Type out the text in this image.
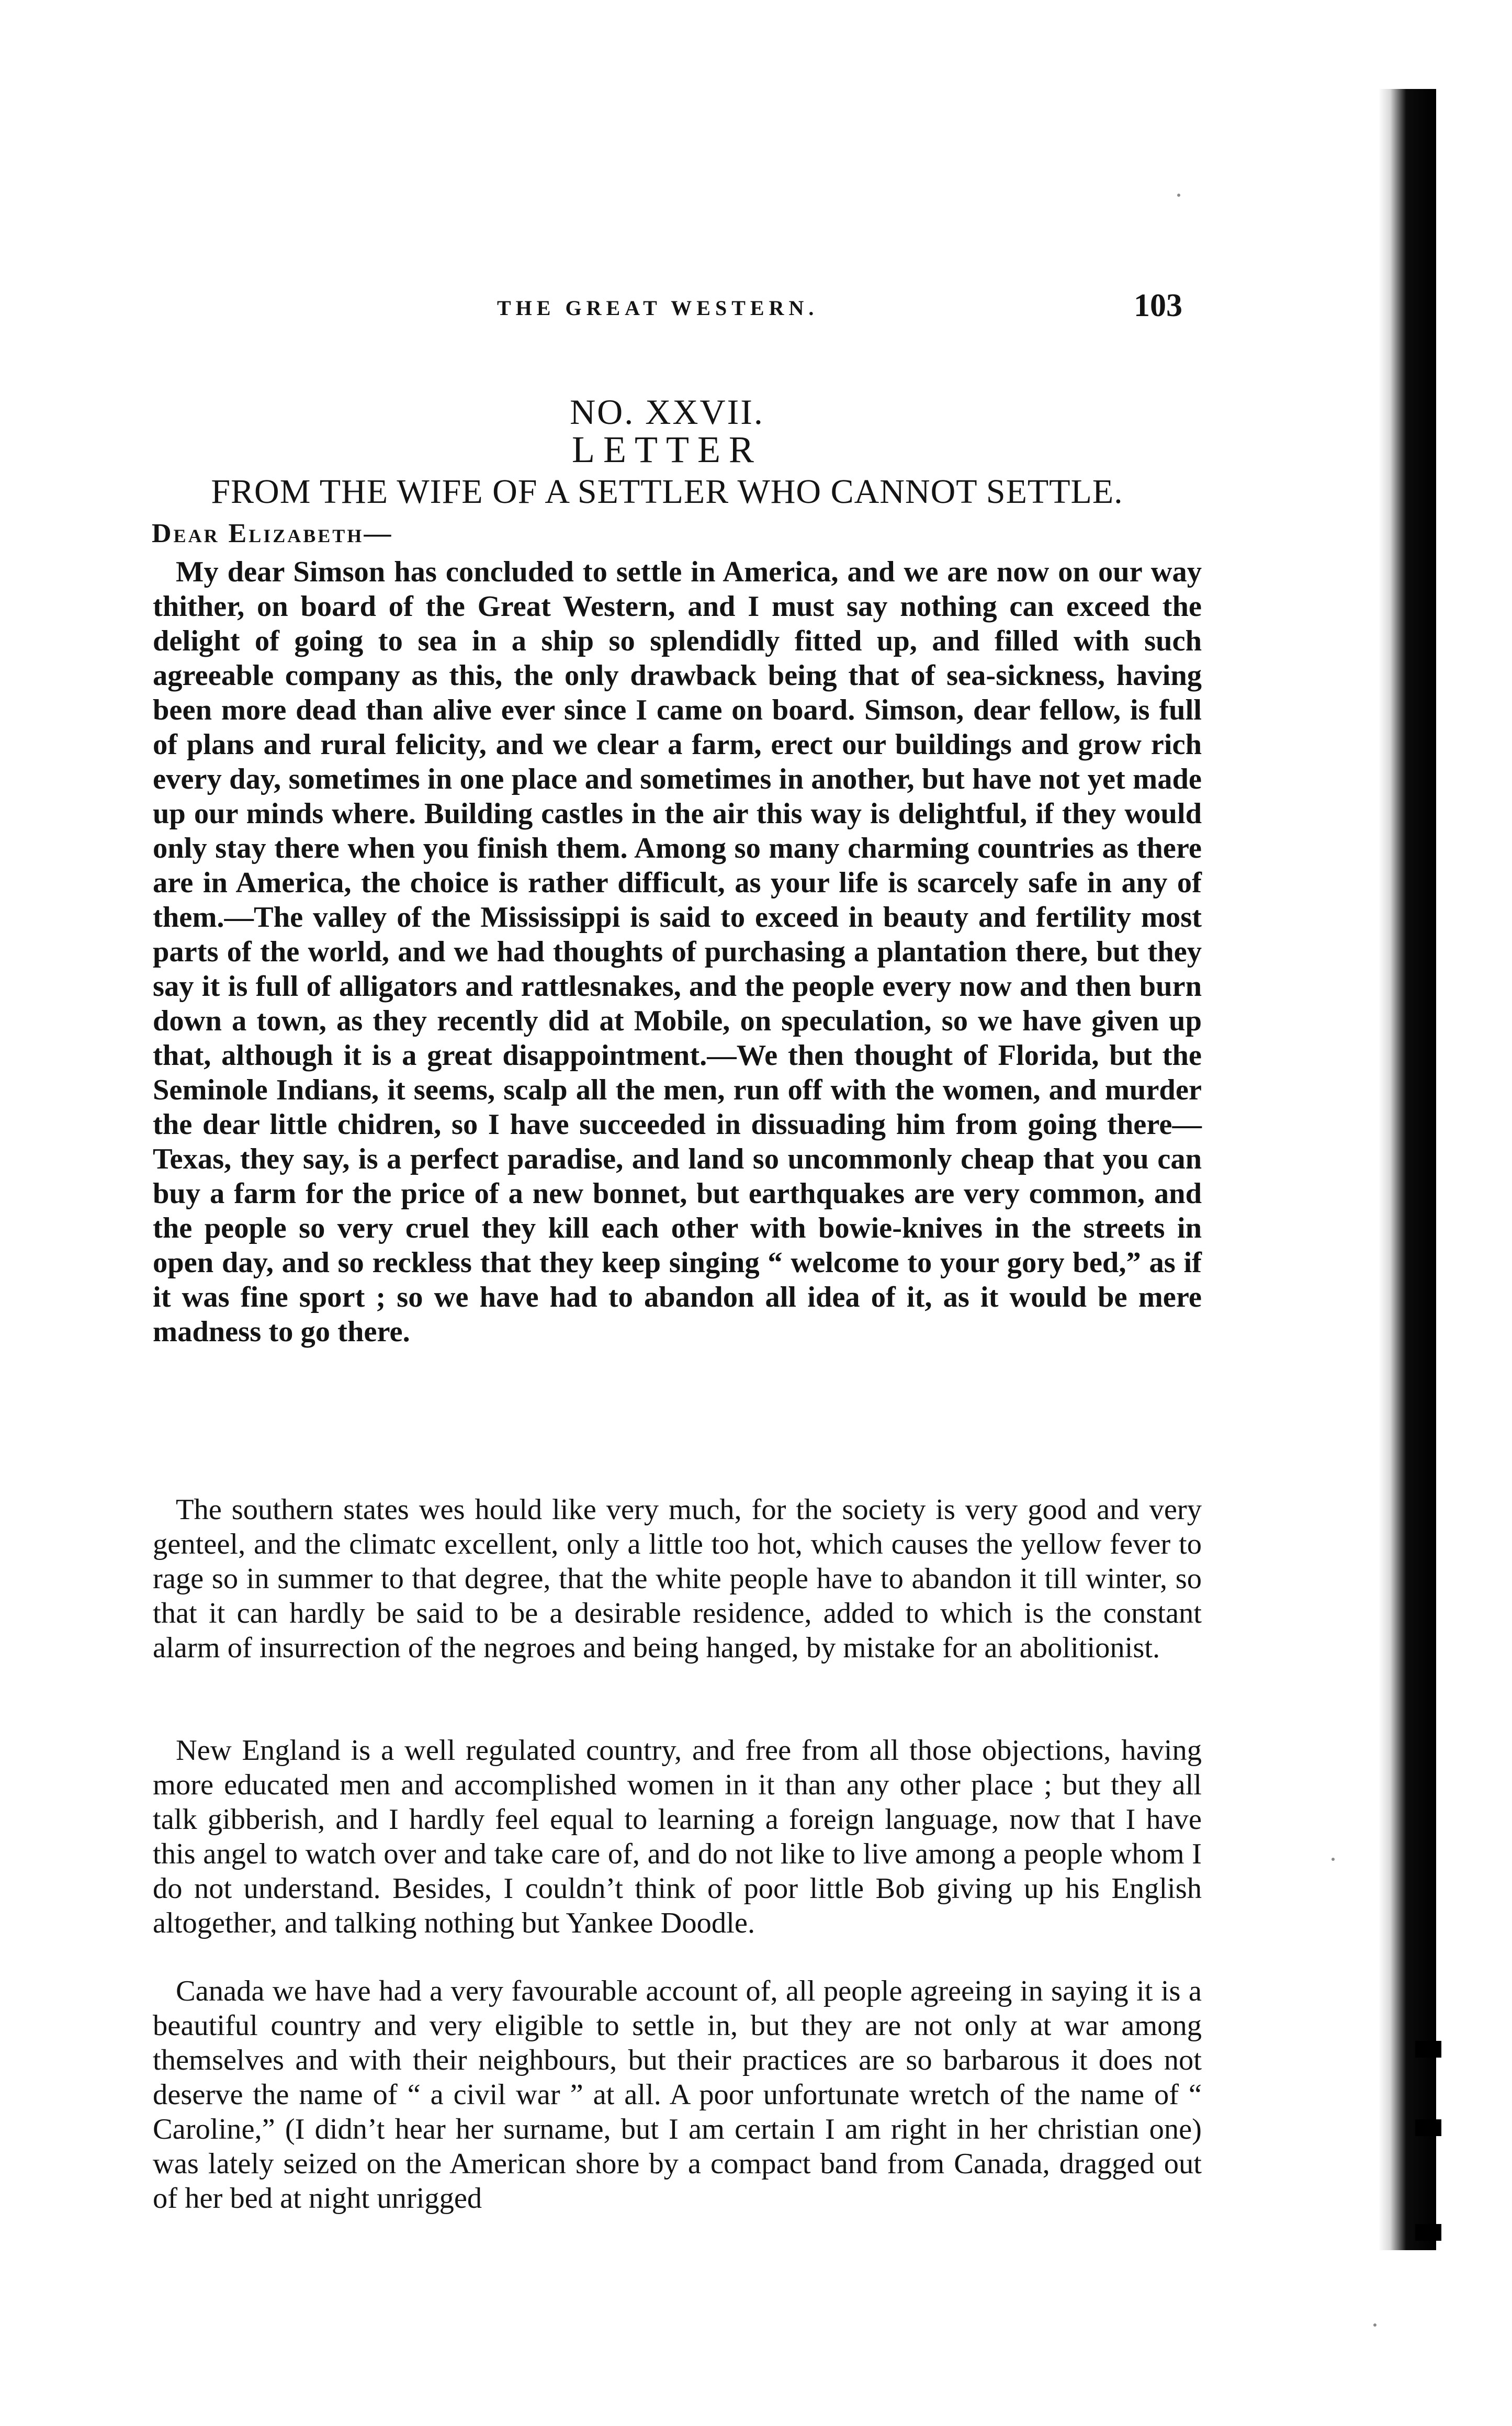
THE GREAT WESTERN.	103
NO. XXVII.
LETTER
FROM THE WIFE OF A SETTLER WHO CANNOT SETTLE.
Dear Elizabeth—

My dear Simson has concluded to settle in America, and we are now on our way thither, on board of the Great Western, and I must say nothing can exceed the delight of going to sea in a ship so splendidly fitted up, and filled with such agreeable company as this, the only drawback being that of sea-sickness, having been more dead than alive ever since I came on board. Simson, dear fellow, is full of plans and rural felicity, and we clear a farm, erect our buildings and grow rich every day, sometimes in one place and sometimes in another, but have not yet made up our minds where. Building castles in the air this way is delightful, if they would only stay there when you finish them. Among so many charming countries as there are in America, the choice is rather difficult, as your life is scarcely safe in any of them.—The valley of the Mississippi is said to exceed in beauty and fertility most parts of the world, and we had thoughts of purchasing a plantation there, but they say it is full of alligators and rattlesnakes, and the people every now and then burn down a town, as they recently did at Mobile, on speculation, so we have given up that, although it is a great disappointment.—We then thought of Florida, but the Seminole Indians, it seems, scalp all the men, run off with the women, and murder the dear little chidren, so I have succeeded in dissuading him from going there—Texas, they say, is a perfect paradise, and land so uncommonly cheap that you can buy a farm for the price of a new bonnet, but earthquakes are very common, and the people so very cruel they kill each other with bowie-knives in the streets in open day, and so reckless that they keep singing “ welcome to your gory bed,” as if it was fine sport ; so we have had to abandon all idea of it, as it would be mere madness to go there.

The southern states wes hould like very much, for the society is very good and very genteel, and the climatc excellent, only a little too hot, which causes the yellow fever to rage so in summer to that degree, that the white people have to abandon it till winter, so that it can hardly be said to be a desirable residence, added to which is the constant alarm of insurrection of the negroes and being hanged, by mistake for an abolitionist.

New England is a well regulated country, and free from all those objections, having more educated men and accomplished women in it than any other place ; but they all talk gibberish, and I hardly feel equal to learning a foreign language, now that I have this angel to watch over and take care of, and do not like to live among a people whom I do not understand. Besides, I couldn’t think of poor little Bob giving up his English altogether, and talking nothing but Yankee Doodle.

Canada we have had a very favourable account of, all people agreeing in saying it is a beautiful country and very eligible to settle in, but they are not only at war among themselves and with their neighbours, but their practices are so barbarous it does not deserve the name of “ a civil war ” at all. A poor unfortunate wretch of the name of “ Caroline,” (I didn’t hear her surname, but I am certain I am right in her christian one) was lately seized on the American shore by a compact band from Canada, dragged out of her bed at night unrigged
